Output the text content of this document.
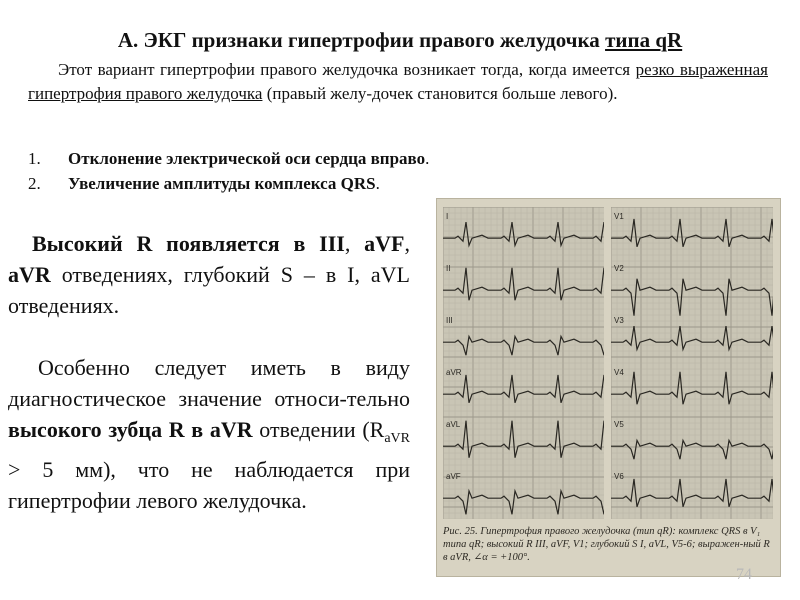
А. ЭКГ признаки гипертрофии правого желудочка типа qR
Этот вариант гипертрофии правого желудочка возникает тогда, когда имеется резко выраженная гипертрофия правого желудочка (правый желу-дочек становится больше левого).
1.	Отклонение электрической оси сердца вправо.
2.	Увеличение амплитуды комплекса QRS.

Высокий R появляется в III, aVF, aVR отведениях, глубокий S – в I, aVL отведениях.

Особенно следует иметь в виду диагностическое значение относи-тельно высокого зубца R в aVR отведении ($R_{aVR} > 5$ мм), что не наблюдается при гипертрофии левого желудочка.

I
II
III
aVR
aVL
aVF
V1
V2
V3
V4
V5
V6
Рис. 25. Гипертрофия правого желудочка (тип qR): комплекс QRS в V₁ типа qR; высокий R III, aVF, V1; глубокий S I, aVL, V5-6; выражен-ный R в aVR, ∠α = +100°.
74
